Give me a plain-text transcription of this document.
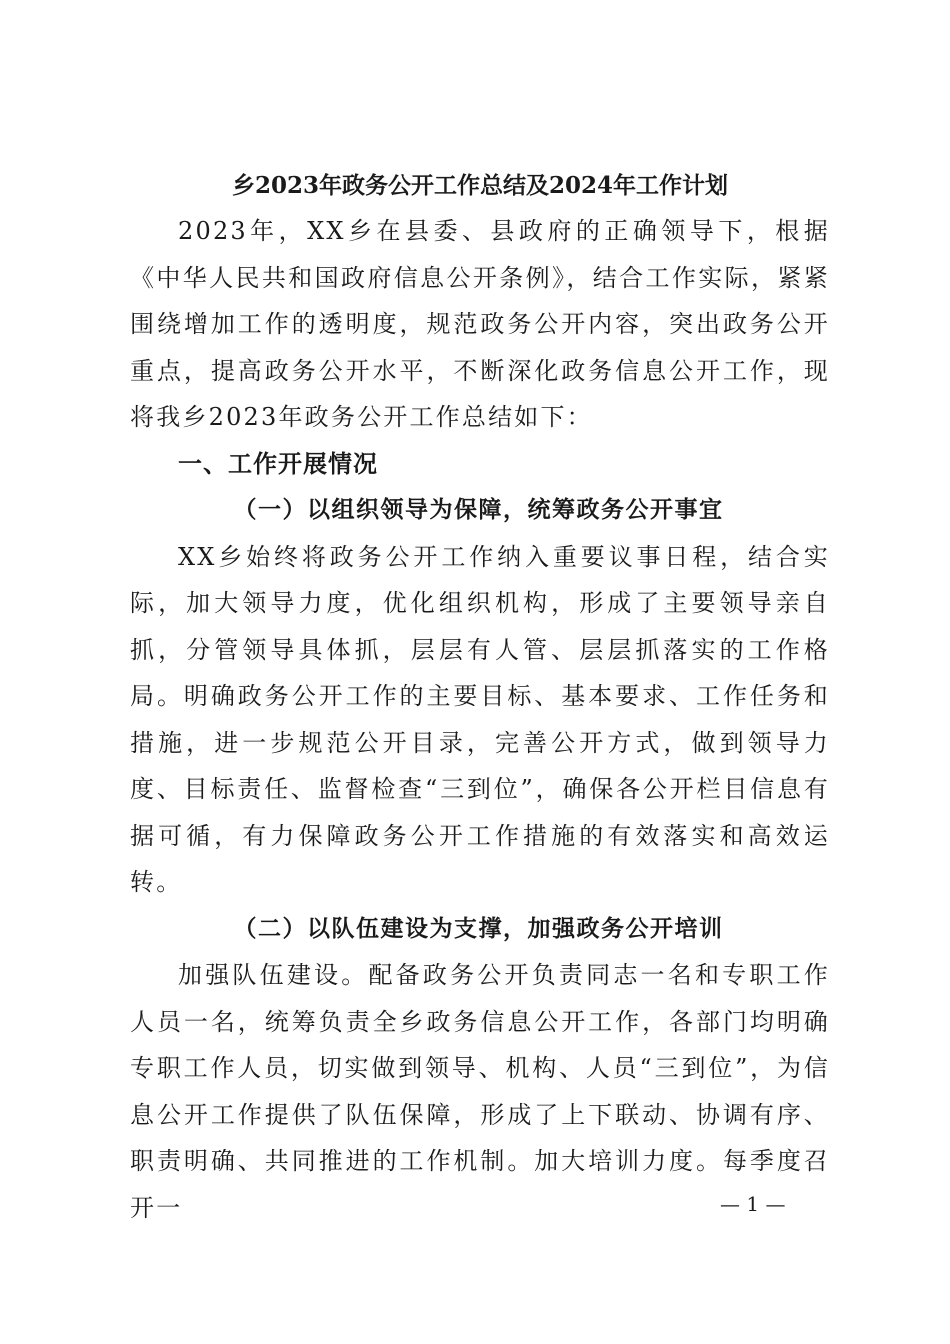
乡2023年政务公开工作总结及2024年工作计划

2023年，XX乡在县委、县政府的正确领导下，根据《中华人民共和国政府信息公开条例》，结合工作实际，紧紧围绕增加工作的透明度，规范政务公开内容，突出政务公开重点，提高政务公开水平，不断深化政务信息公开工作，现将我乡2023年政务公开工作总结如下：

一、工作开展情况

（一）以组织领导为保障，统筹政务公开事宜

XX乡始终将政务公开工作纳入重要议事日程，结合实际，加大领导力度，优化组织机构，形成了主要领导亲自抓，分管领导具体抓，层层有人管、层层抓落实的工作格局。明确政务公开工作的主要目标、基本要求、工作任务和措施，进一步规范公开目录，完善公开方式，做到领导力度、目标责任、监督检查“三到位”，确保各公开栏目信息有据可循，有力保障政务公开工作措施的有效落实和高效运转。

（二）以队伍建设为支撑，加强政务公开培训

加强队伍建设。配备政务公开负责同志一名和专职工作人员一名，统筹负责全乡政务信息公开工作，各部门均明确专职工作人员，切实做到领导、机构、人员“三到位”，为信息公开工作提供了队伍保障，形成了上下联动、协调有序、职责明确、共同推进的工作机制。加大培训力度。每季度召开一	— 1 —
